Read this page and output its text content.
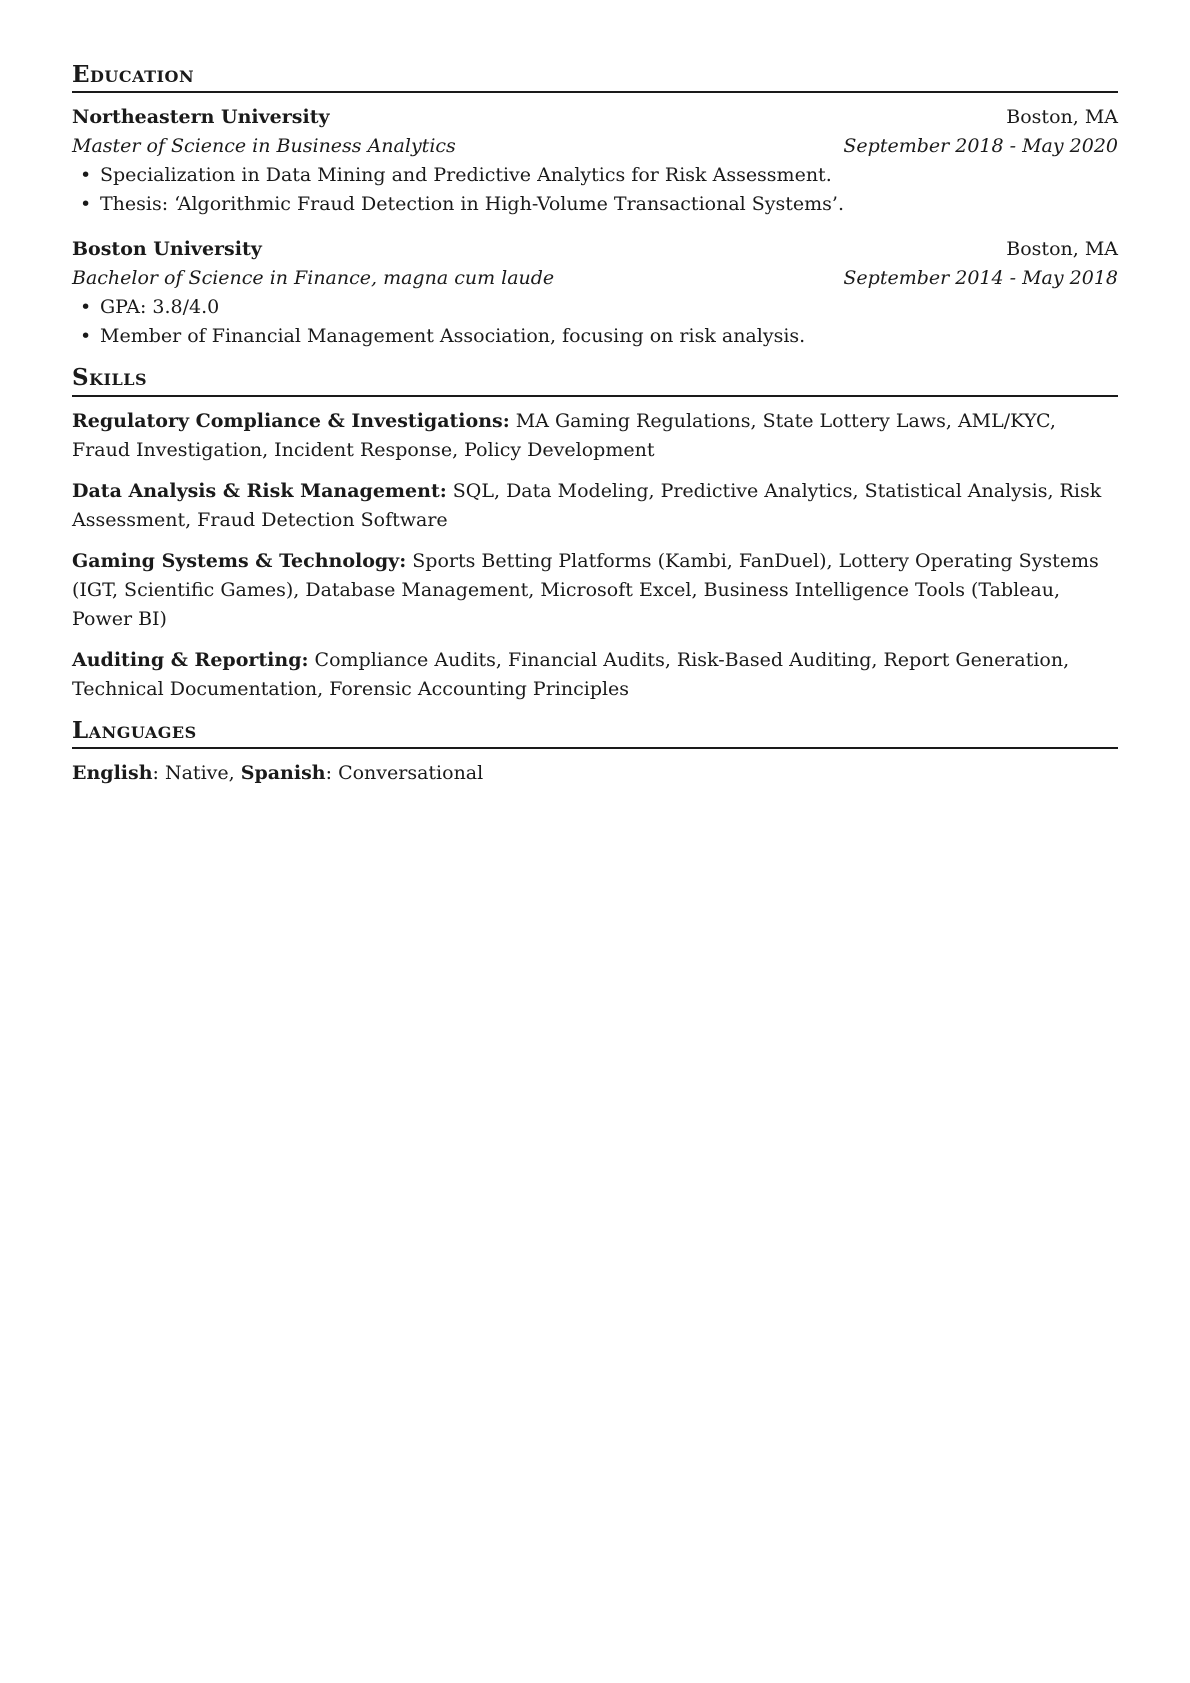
Education
Northeastern University	Boston, MA
Master of Science in Business Analytics	September 2018 - May 2020
• Specialization in Data Mining and Predictive Analytics for Risk Assessment.
• Thesis: ‘Algorithmic Fraud Detection in High-Volume Transactional Systems’.
Boston University	Boston, MA
Bachelor of Science in Finance, magna cum laude	September 2014 - May 2018
• GPA: 3.8/4.0
• Member of Financial Management Association, focusing on risk analysis.
Skills
Regulatory Compliance & Investigations: MA Gaming Regulations, State Lottery Laws, AML/KYC, Fraud Investigation, Incident Response, Policy Development
Data Analysis & Risk Management: SQL, Data Modeling, Predictive Analytics, Statistical Analysis, Risk Assessment, Fraud Detection Software
Gaming Systems & Technology: Sports Betting Platforms (Kambi, FanDuel), Lottery Operating Systems (IGT, Scientific Games), Database Management, Microsoft Excel, Business Intelligence Tools (Tableau, Power BI)
Auditing & Reporting: Compliance Audits, Financial Audits, Risk-Based Auditing, Report Generation, Technical Documentation, Forensic Accounting Principles
Languages
English: Native, Spanish: Conversational
